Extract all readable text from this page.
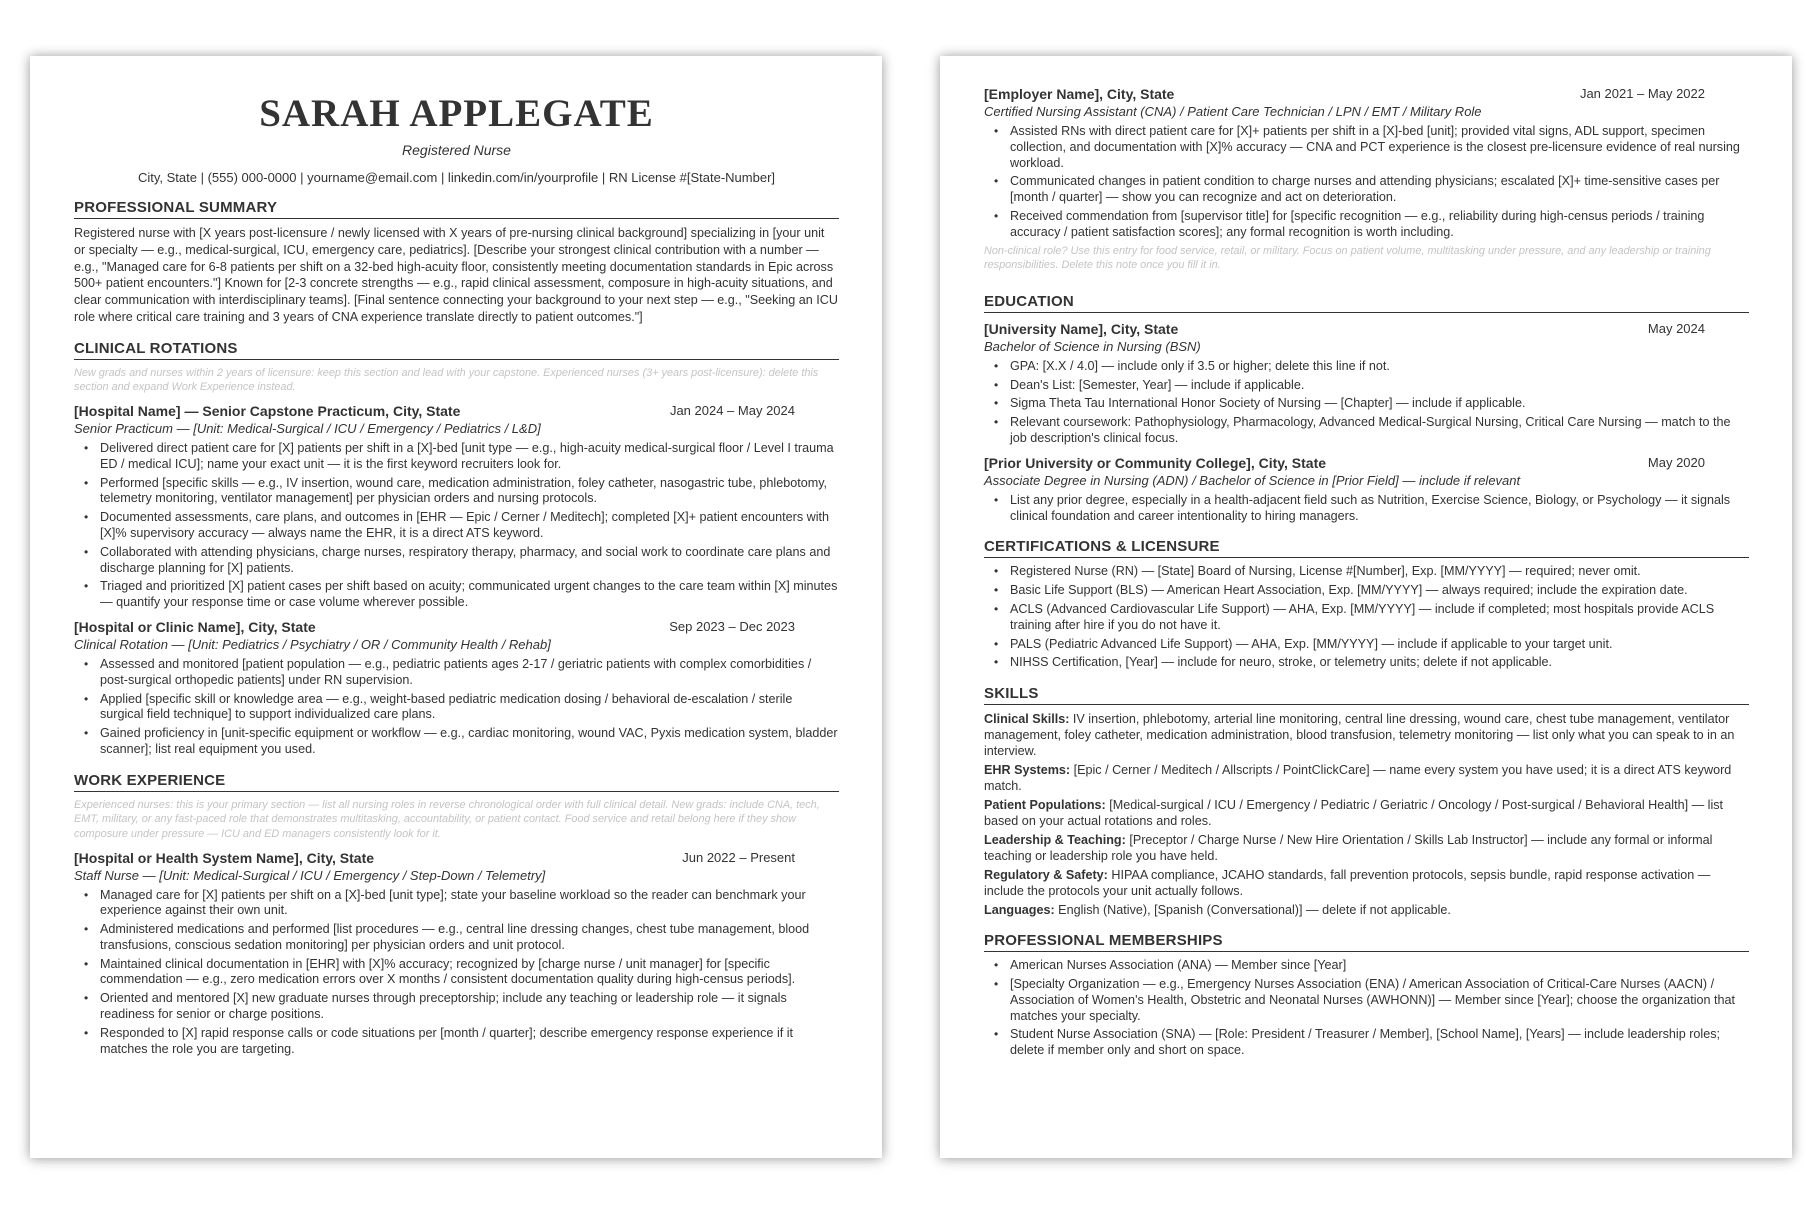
SARAH APPLEGATE
Registered Nurse
City, State | (555) 000-0000 | yourname@email.com | linkedin.com/in/yourprofile | RN License #[State-Number]
PROFESSIONAL SUMMARY
Registered nurse with [X years post-licensure / newly licensed with X years of pre-nursing clinical background] specializing in [your unit or specialty — e.g., medical-surgical, ICU, emergency care, pediatrics]. [Describe your strongest clinical contribution with a number — e.g., "Managed care for 6-8 patients per shift on a 32-bed high-acuity floor, consistently meeting documentation standards in Epic across 500+ patient encounters."] Known for [2-3 concrete strengths — e.g., rapid clinical assessment, composure in high-acuity situations, and clear communication with interdisciplinary teams]. [Final sentence connecting your background to your next step — e.g., "Seeking an ICU role where critical care training and 3 years of CNA experience translate directly to patient outcomes."]
CLINICAL ROTATIONS
New grads and nurses within 2 years of licensure: keep this section and lead with your capstone. Experienced nurses (3+ years post-licensure): delete this section and expand Work Experience instead.
[Hospital Name] — Senior Capstone Practicum, City, State	Jan 2024 – May 2024
Senior Practicum — [Unit: Medical-Surgical / ICU / Emergency / Pediatrics / L&D]
• Delivered direct patient care for [X] patients per shift in a [X]-bed [unit type — e.g., high-acuity medical-surgical floor / Level I trauma ED / medical ICU]; name your exact unit — it is the first keyword recruiters look for.
• Performed [specific skills — e.g., IV insertion, wound care, medication administration, foley catheter, nasogastric tube, phlebotomy, telemetry monitoring, ventilator management] per physician orders and nursing protocols.
• Documented assessments, care plans, and outcomes in [EHR — Epic / Cerner / Meditech]; completed [X]+ patient encounters with [X]% supervisory accuracy — always name the EHR, it is a direct ATS keyword.
• Collaborated with attending physicians, charge nurses, respiratory therapy, pharmacy, and social work to coordinate care plans and discharge planning for [X] patients.
• Triaged and prioritized [X] patient cases per shift based on acuity; communicated urgent changes to the care team within [X] minutes — quantify your response time or case volume wherever possible.
[Hospital or Clinic Name], City, State	Sep 2023 – Dec 2023
Clinical Rotation — [Unit: Pediatrics / Psychiatry / OR / Community Health / Rehab]
• Assessed and monitored [patient population — e.g., pediatric patients ages 2-17 / geriatric patients with complex comorbidities / post-surgical orthopedic patients] under RN supervision.
• Applied [specific skill or knowledge area — e.g., weight-based pediatric medication dosing / behavioral de-escalation / sterile surgical field technique] to support individualized care plans.
• Gained proficiency in [unit-specific equipment or workflow — e.g., cardiac monitoring, wound VAC, Pyxis medication system, bladder scanner]; list real equipment you used.
WORK EXPERIENCE
Experienced nurses: this is your primary section — list all nursing roles in reverse chronological order with full clinical detail. New grads: include CNA, tech, EMT, military, or any fast-paced role that demonstrates multitasking, accountability, or patient contact. Food service and retail belong here if they show composure under pressure — ICU and ED managers consistently look for it.
[Hospital or Health System Name], City, State	Jun 2022 – Present
Staff Nurse — [Unit: Medical-Surgical / ICU / Emergency / Step-Down / Telemetry]
• Managed care for [X] patients per shift on a [X]-bed [unit type]; state your baseline workload so the reader can benchmark your experience against their own unit.
• Administered medications and performed [list procedures — e.g., central line dressing changes, chest tube management, blood transfusions, conscious sedation monitoring] per physician orders and unit protocol.
• Maintained clinical documentation in [EHR] with [X]% accuracy; recognized by [charge nurse / unit manager] for [specific commendation — e.g., zero medication errors over X months / consistent documentation quality during high-census periods].
• Oriented and mentored [X] new graduate nurses through preceptorship; include any teaching or leadership role — it signals readiness for senior or charge positions.
• Responded to [X] rapid response calls or code situations per [month / quarter]; describe emergency response experience if it matches the role you are targeting.
[Employer Name], City, State	Jan 2021 – May 2022
Certified Nursing Assistant (CNA) / Patient Care Technician / LPN / EMT / Military Role
• Assisted RNs with direct patient care for [X]+ patients per shift in a [X]-bed [unit]; provided vital signs, ADL support, specimen collection, and documentation with [X]% accuracy — CNA and PCT experience is the closest pre-licensure evidence of real nursing workload.
• Communicated changes in patient condition to charge nurses and attending physicians; escalated [X]+ time-sensitive cases per [month / quarter] — show you can recognize and act on deterioration.
• Received commendation from [supervisor title] for [specific recognition — e.g., reliability during high-census periods / training accuracy / patient satisfaction scores]; any formal recognition is worth including.
Non-clinical role? Use this entry for food service, retail, or military. Focus on patient volume, multitasking under pressure, and any leadership or training responsibilities. Delete this note once you fill it in.
EDUCATION
[University Name], City, State	May 2024
Bachelor of Science in Nursing (BSN)
• GPA: [X.X / 4.0] — include only if 3.5 or higher; delete this line if not.
• Dean's List: [Semester, Year] — include if applicable.
• Sigma Theta Tau International Honor Society of Nursing — [Chapter] — include if applicable.
• Relevant coursework: Pathophysiology, Pharmacology, Advanced Medical-Surgical Nursing, Critical Care Nursing — match to the job description's clinical focus.
[Prior University or Community College], City, State	May 2020
Associate Degree in Nursing (ADN) / Bachelor of Science in [Prior Field] — include if relevant
• List any prior degree, especially in a health-adjacent field such as Nutrition, Exercise Science, Biology, or Psychology — it signals clinical foundation and career intentionality to hiring managers.
CERTIFICATIONS & LICENSURE
• Registered Nurse (RN) — [State] Board of Nursing, License #[Number], Exp. [MM/YYYY] — required; never omit.
• Basic Life Support (BLS) — American Heart Association, Exp. [MM/YYYY] — always required; include the expiration date.
• ACLS (Advanced Cardiovascular Life Support) — AHA, Exp. [MM/YYYY] — include if completed; most hospitals provide ACLS training after hire if you do not have it.
• PALS (Pediatric Advanced Life Support) — AHA, Exp. [MM/YYYY] — include if applicable to your target unit.
• NIHSS Certification, [Year] — include for neuro, stroke, or telemetry units; delete if not applicable.
SKILLS
Clinical Skills: IV insertion, phlebotomy, arterial line monitoring, central line dressing, wound care, chest tube management, ventilator management, foley catheter, medication administration, blood transfusion, telemetry monitoring — list only what you can speak to in an interview.
EHR Systems: [Epic / Cerner / Meditech / Allscripts / PointClickCare] — name every system you have used; it is a direct ATS keyword match.
Patient Populations: [Medical-surgical / ICU / Emergency / Pediatric / Geriatric / Oncology / Post-surgical / Behavioral Health] — list based on your actual rotations and roles.
Leadership & Teaching: [Preceptor / Charge Nurse / New Hire Orientation / Skills Lab Instructor] — include any formal or informal teaching or leadership role you have held.
Regulatory & Safety: HIPAA compliance, JCAHO standards, fall prevention protocols, sepsis bundle, rapid response activation — include the protocols your unit actually follows.
Languages: English (Native), [Spanish (Conversational)] — delete if not applicable.
PROFESSIONAL MEMBERSHIPS
• American Nurses Association (ANA) — Member since [Year]
• [Specialty Organization — e.g., Emergency Nurses Association (ENA) / American Association of Critical-Care Nurses (AACN) / Association of Women's Health, Obstetric and Neonatal Nurses (AWHONN)] — Member since [Year]; choose the organization that matches your specialty.
• Student Nurse Association (SNA) — [Role: President / Treasurer / Member], [School Name], [Years] — include leadership roles; delete if member only and short on space.
